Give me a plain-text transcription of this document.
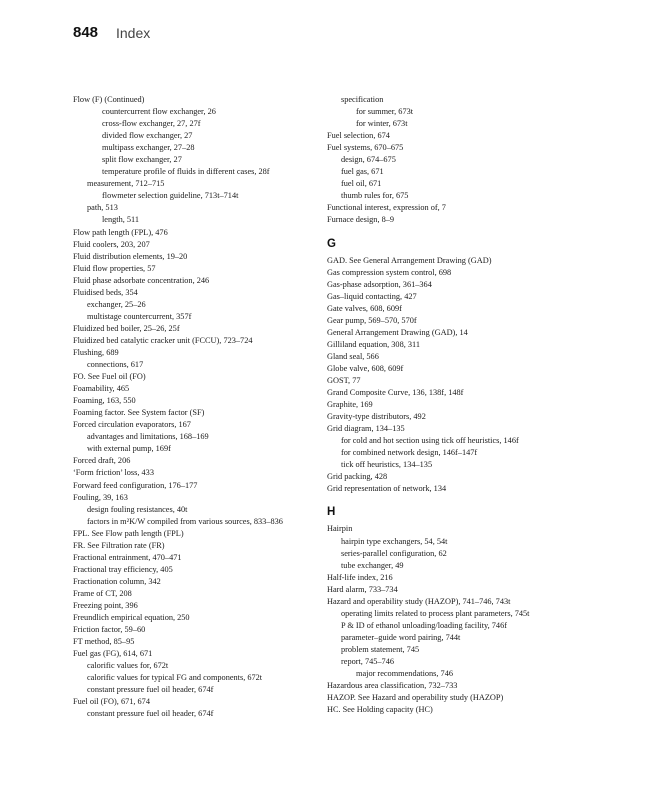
848 Index
Flow (F) (Continued)
countercurrent flow exchanger, 26
cross-flow exchanger, 27, 27f
divided flow exchanger, 27
multipass exchanger, 27–28
split flow exchanger, 27
temperature profile of fluids in different cases, 28f
measurement, 712–715
flowmeter selection guideline, 713t–714t
path, 513
length, 511
Flow path length (FPL), 476
Fluid coolers, 203, 207
Fluid distribution elements, 19–20
Fluid flow properties, 57
Fluid phase adsorbate concentration, 246
Fluidised beds, 354
exchanger, 25–26
multistage countercurrent, 357f
Fluidized bed boiler, 25–26, 25f
Fluidized bed catalytic cracker unit (FCCU), 723–724
Flushing, 689
connections, 617
FO. See Fuel oil (FO)
Foamability, 465
Foaming, 163, 550
Foaming factor. See System factor (SF)
Forced circulation evaporators, 167
advantages and limitations, 168–169
with external pump, 169f
Forced draft, 206
‘Form friction’ loss, 433
Forward feed configuration, 176–177
Fouling, 39, 163
design fouling resistances, 40t
factors in m²K/W compiled from various sources, 833–836
FPL. See Flow path length (FPL)
FR. See Filtration rate (FR)
Fractional entrainment, 470–471
Fractional tray efficiency, 405
Fractionation column, 342
Frame of CT, 208
Freezing point, 396
Freundlich empirical equation, 250
Friction factor, 59–60
FT method, 85–95
Fuel gas (FG), 614, 671
calorific values for, 672t
calorific values for typical FG and components, 672t
constant pressure fuel oil header, 674f
Fuel oil (FO), 671, 674
constant pressure fuel oil header, 674f
specification
for summer, 673t
for winter, 673t
Fuel selection, 674
Fuel systems, 670–675
design, 674–675
fuel gas, 671
fuel oil, 671
thumb rules for, 675
Functional interest, expression of, 7
Furnace design, 8–9
G
GAD. See General Arrangement Drawing (GAD)
Gas compression system control, 698
Gas-phase adsorption, 361–364
Gas–liquid contacting, 427
Gate valves, 608, 609f
Gear pump, 569–570, 570f
General Arrangement Drawing (GAD), 14
Gilliland equation, 308, 311
Gland seal, 566
Globe valve, 608, 609f
GOST, 77
Grand Composite Curve, 136, 138f, 148f
Graphite, 169
Gravity-type distributors, 492
Grid diagram, 134–135
for cold and hot section using tick off heuristics, 146f
for combined network design, 146f–147f
tick off heuristics, 134–135
Grid packing, 428
Grid representation of network, 134
H
Hairpin
hairpin type exchangers, 54, 54t
series-parallel configuration, 62
tube exchanger, 49
Half-life index, 216
Hard alarm, 733–734
Hazard and operability study (HAZOP), 741–746, 743t
operating limits related to process plant parameters, 745t
P & ID of ethanol unloading/loading facility, 746f
parameter–guide word pairing, 744t
problem statement, 745
report, 745–746
major recommendations, 746
Hazardous area classification, 732–733
HAZOP. See Hazard and operability study (HAZOP)
HC. See Holding capacity (HC)
